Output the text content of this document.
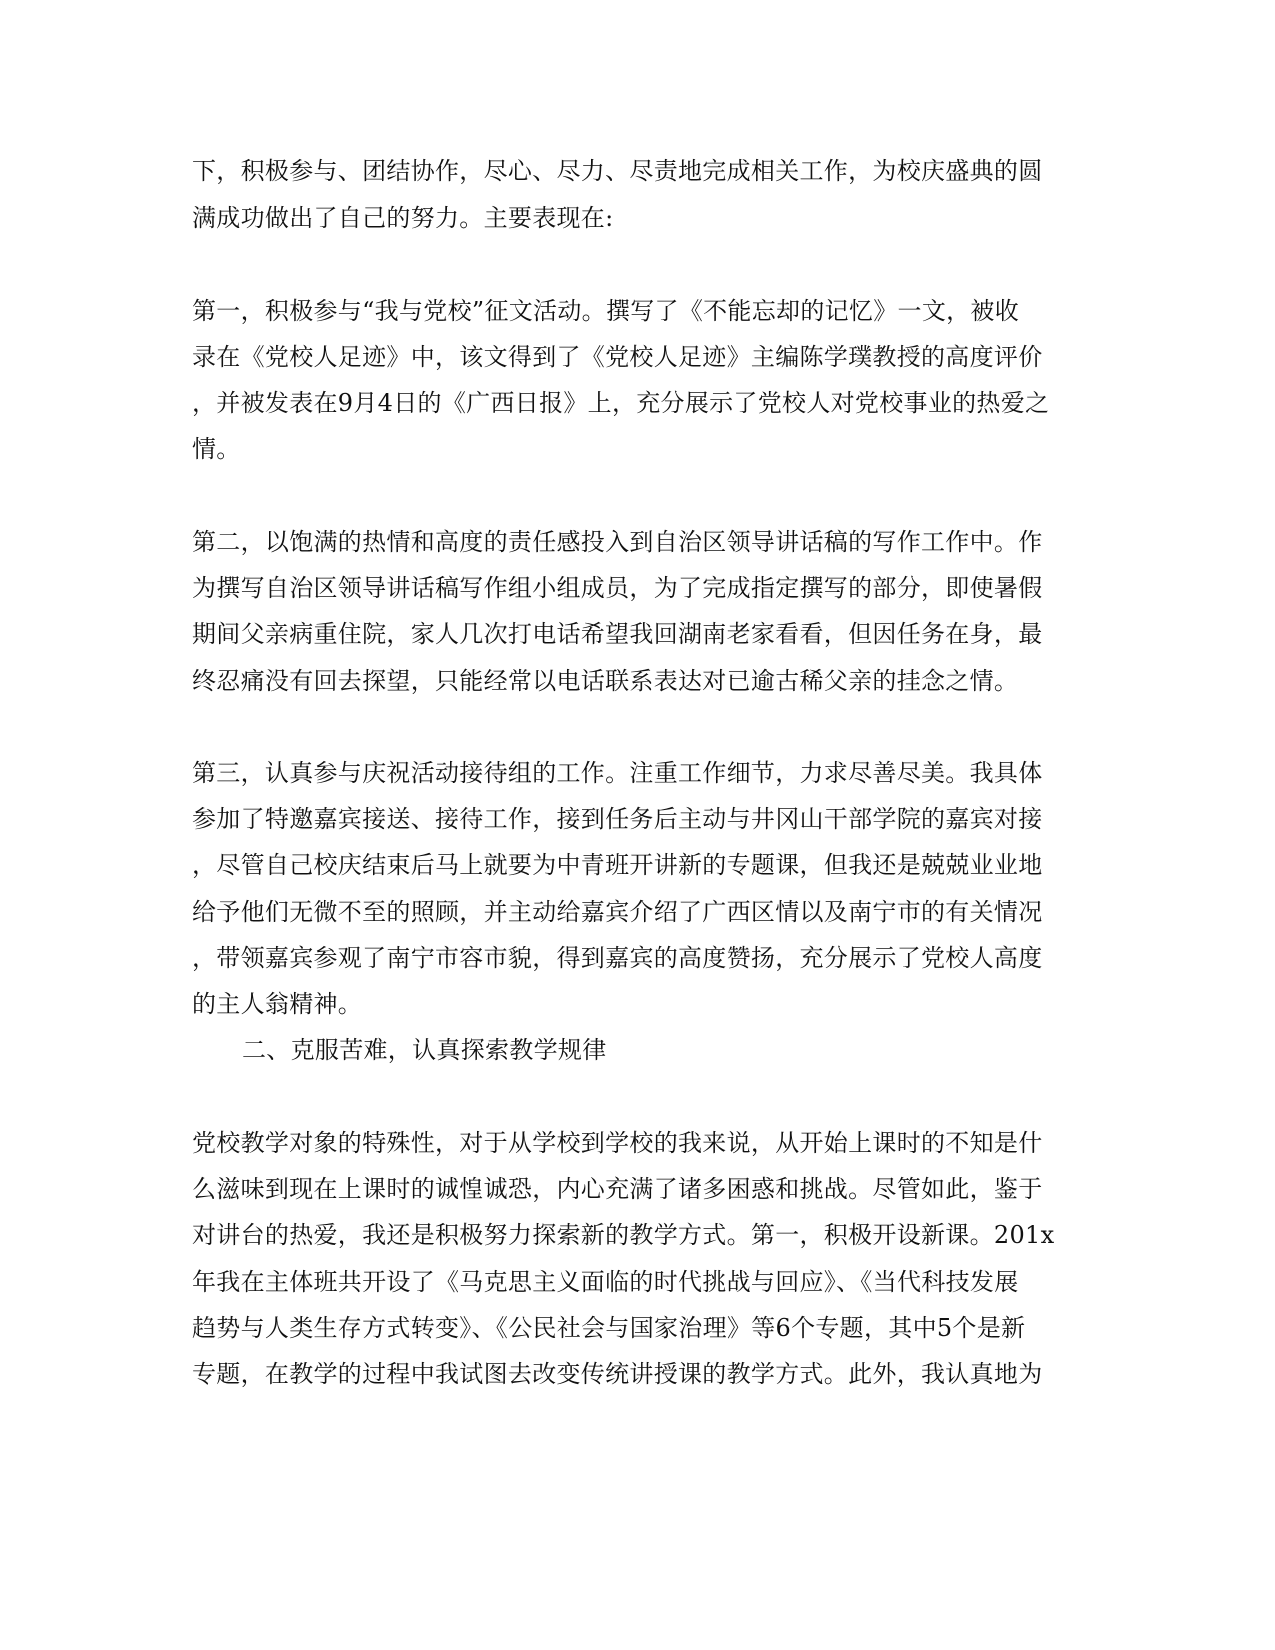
下，积极参与、团结协作，尽心、尽力、尽责地完成相关工作，为校庆盛典的圆
满成功做出了自己的努力。主要表现在:
第一，积极参与“我与党校”征文活动。撰写了《不能忘却的记忆》一文，被收
录在《党校人足迹》中，该文得到了《党校人足迹》主编陈学璞教授的高度评价
，并被发表在9月4日的《广西日报》上，充分展示了党校人对党校事业的热爱之
情。
第二，以饱满的热情和高度的责任感投入到自治区领导讲话稿的写作工作中。作
为撰写自治区领导讲话稿写作组小组成员，为了完成指定撰写的部分，即使暑假
期间父亲病重住院，家人几次打电话希望我回湖南老家看看，但因任务在身，最
终忍痛没有回去探望，只能经常以电话联系表达对已逾古稀父亲的挂念之情。
第三，认真参与庆祝活动接待组的工作。注重工作细节，力求尽善尽美。我具体
参加了特邀嘉宾接送、接待工作，接到任务后主动与井冈山干部学院的嘉宾对接
，尽管自己校庆结束后马上就要为中青班开讲新的专题课，但我还是兢兢业业地
给予他们无微不至的照顾，并主动给嘉宾介绍了广西区情以及南宁市的有关情况
，带领嘉宾参观了南宁市容市貌，得到嘉宾的高度赞扬，充分展示了党校人高度
的主人翁精神。
二、克服苦难，认真探索教学规律
党校教学对象的特殊性，对于从学校到学校的我来说，从开始上课时的不知是什
么滋味到现在上课时的诚惶诚恐，内心充满了诸多困惑和挑战。尽管如此，鉴于
对讲台的热爱，我还是积极努力探索新的教学方式。第一，积极开设新课。201x
年我在主体班共开设了《马克思主义面临的时代挑战与回应》、《当代科技发展
趋势与人类生存方式转变》、《公民社会与国家治理》等6个专题，其中5个是新
专题，在教学的过程中我试图去改变传统讲授课的教学方式。此外，我认真地为
